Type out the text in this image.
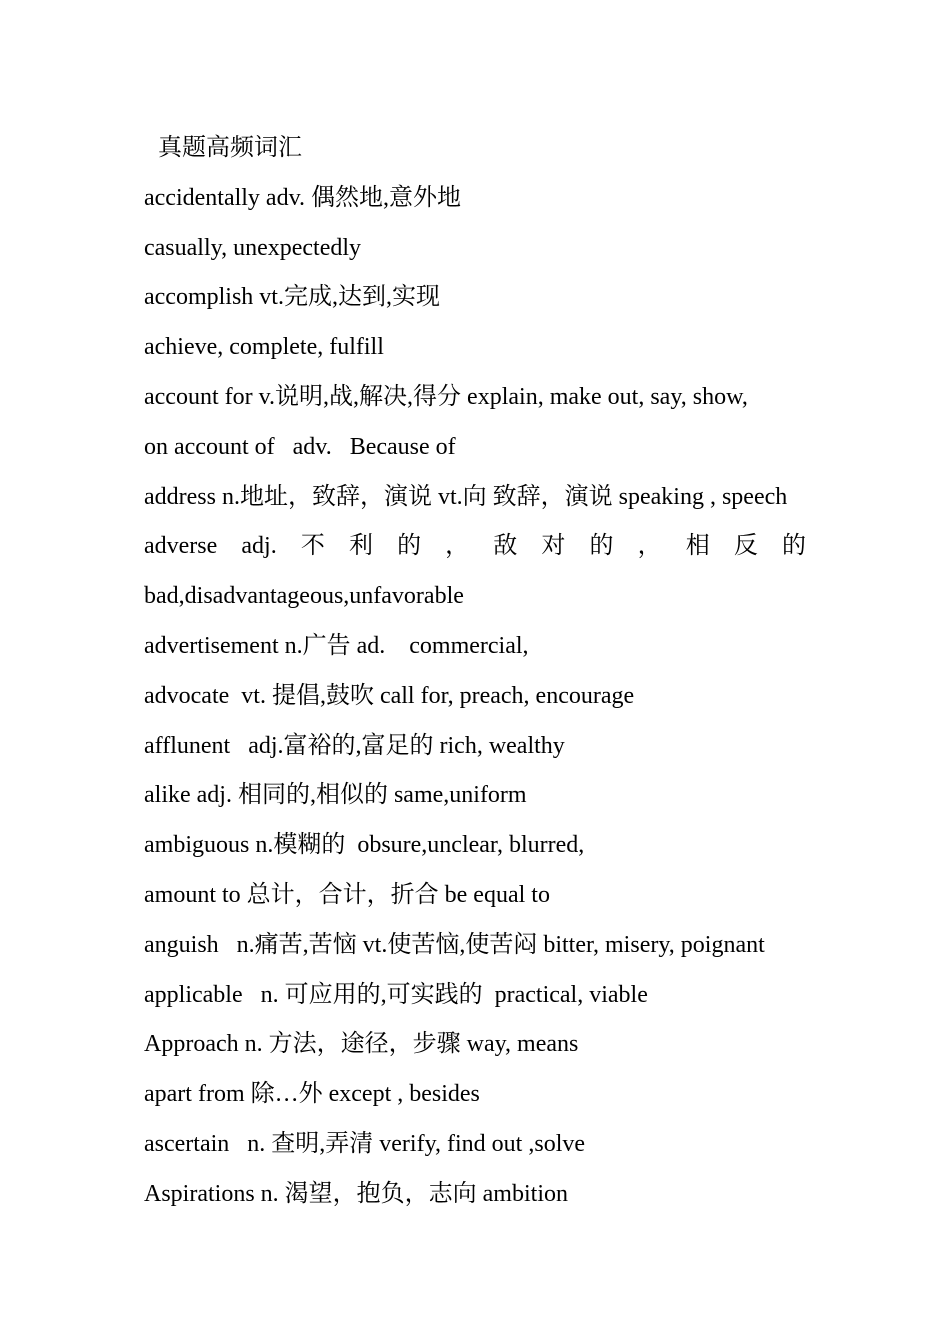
真题高频词汇
accidentally adv. 偶然地,意外地
casually, unexpectedly
accomplish vt.完成,达到,实现
achieve, complete, fulfill
account for v.说明,战,解决,得分 explain, make out, say, show,
on account of   adv.   Because of
address n.地址，致辞，演说 vt.向 致辞，演说 speaking , speech
adverse adj. 不 利 的 ， 敌 对 的 ， 相 反 的
bad,disadvantageous,unfavorable
advertisement n.广告 ad.    commercial,
advocate  vt. 提倡,鼓吹 call for, preach, encourage
afflunent   adj.富裕的,富足的 rich, wealthy
alike adj. 相同的,相似的 same,uniform
ambiguous n.模糊的  obsure,unclear, blurred,
amount to 总计，合计，折合 be equal to
anguish   n.痛苦,苦恼 vt.使苦恼,使苦闷 bitter, misery, poignant
applicable   n. 可应用的,可实践的  practical, viable
Approach n. 方法，途径，步骤 way, means
apart from 除…外 except , besides
ascertain   n. 查明,弄清 verify, find out ,solve
Aspirations n. 渴望，抱负，志向 ambition
